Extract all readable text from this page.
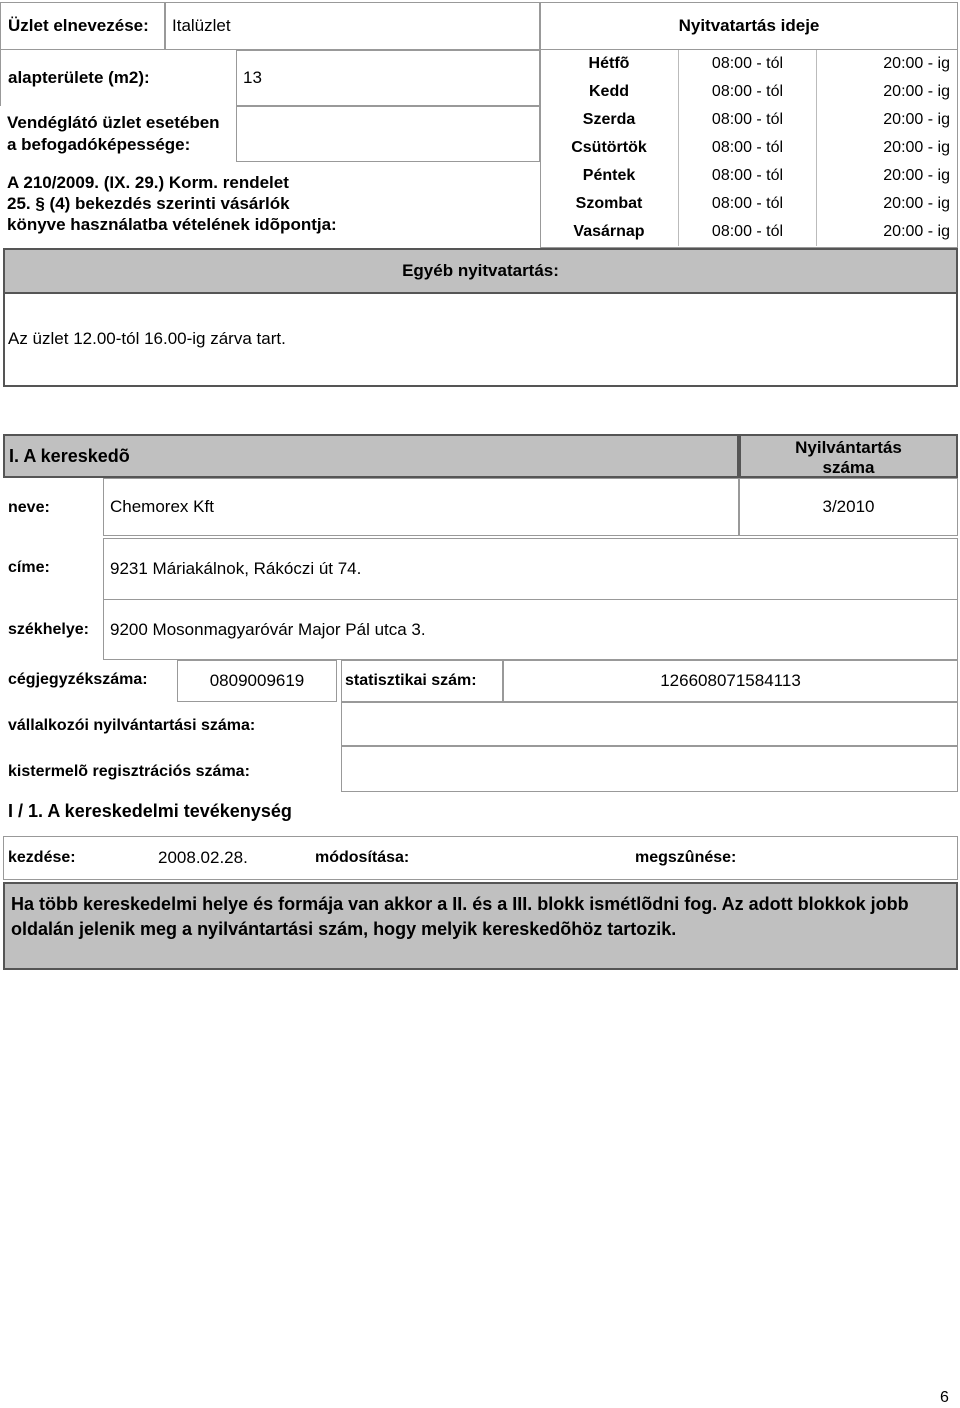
Üzlet elnevezése:	Italüzlet
alapterülete (m2):	13
Vendéglátó üzlet esetében
a befogadóképessége:
A 210/2009. (IX. 29.) Korm. rendelet
25. § (4) bekezdés szerinti vásárlók
könyve használatba vételének idõpontja:
Nyitvatartás ideje
Hétfõ	08:00 - tól	20:00 - ig
Kedd	08:00 - tól	20:00 - ig
Szerda	08:00 - tól	20:00 - ig
Csütörtök	08:00 - tól	20:00 - ig
Péntek	08:00 - tól	20:00 - ig
Szombat	08:00 - tól	20:00 - ig
Vasárnap	08:00 - tól	20:00 - ig
Egyéb nyitvatartás:
Az üzlet 12.00-tól 16.00-ig zárva tart.
I. A kereskedõ	Nyilvántartás
száma
neve:	Chemorex Kft	3/2010
címe:	9231 Máriakálnok, Rákóczi út 74.
székhelye:	9200 Mosonmagyaróvár Major Pál utca 3.
cégjegyzékszáma:	0809009619	statisztikai szám:	126608071584113
vállalkozói nyilvántartási száma:
kistermelõ regisztrációs száma:
I / 1. A kereskedelmi tevékenység
kezdése:	2008.02.28.	módosítása:	megszûnése:
Ha több kereskedelmi helye és formája van akkor a II. és a III. blokk ismétlõdni fog. Az adott blokkok jobb oldalán jelenik meg a nyilvántartási szám, hogy melyik kereskedõhöz tartozik.
6
